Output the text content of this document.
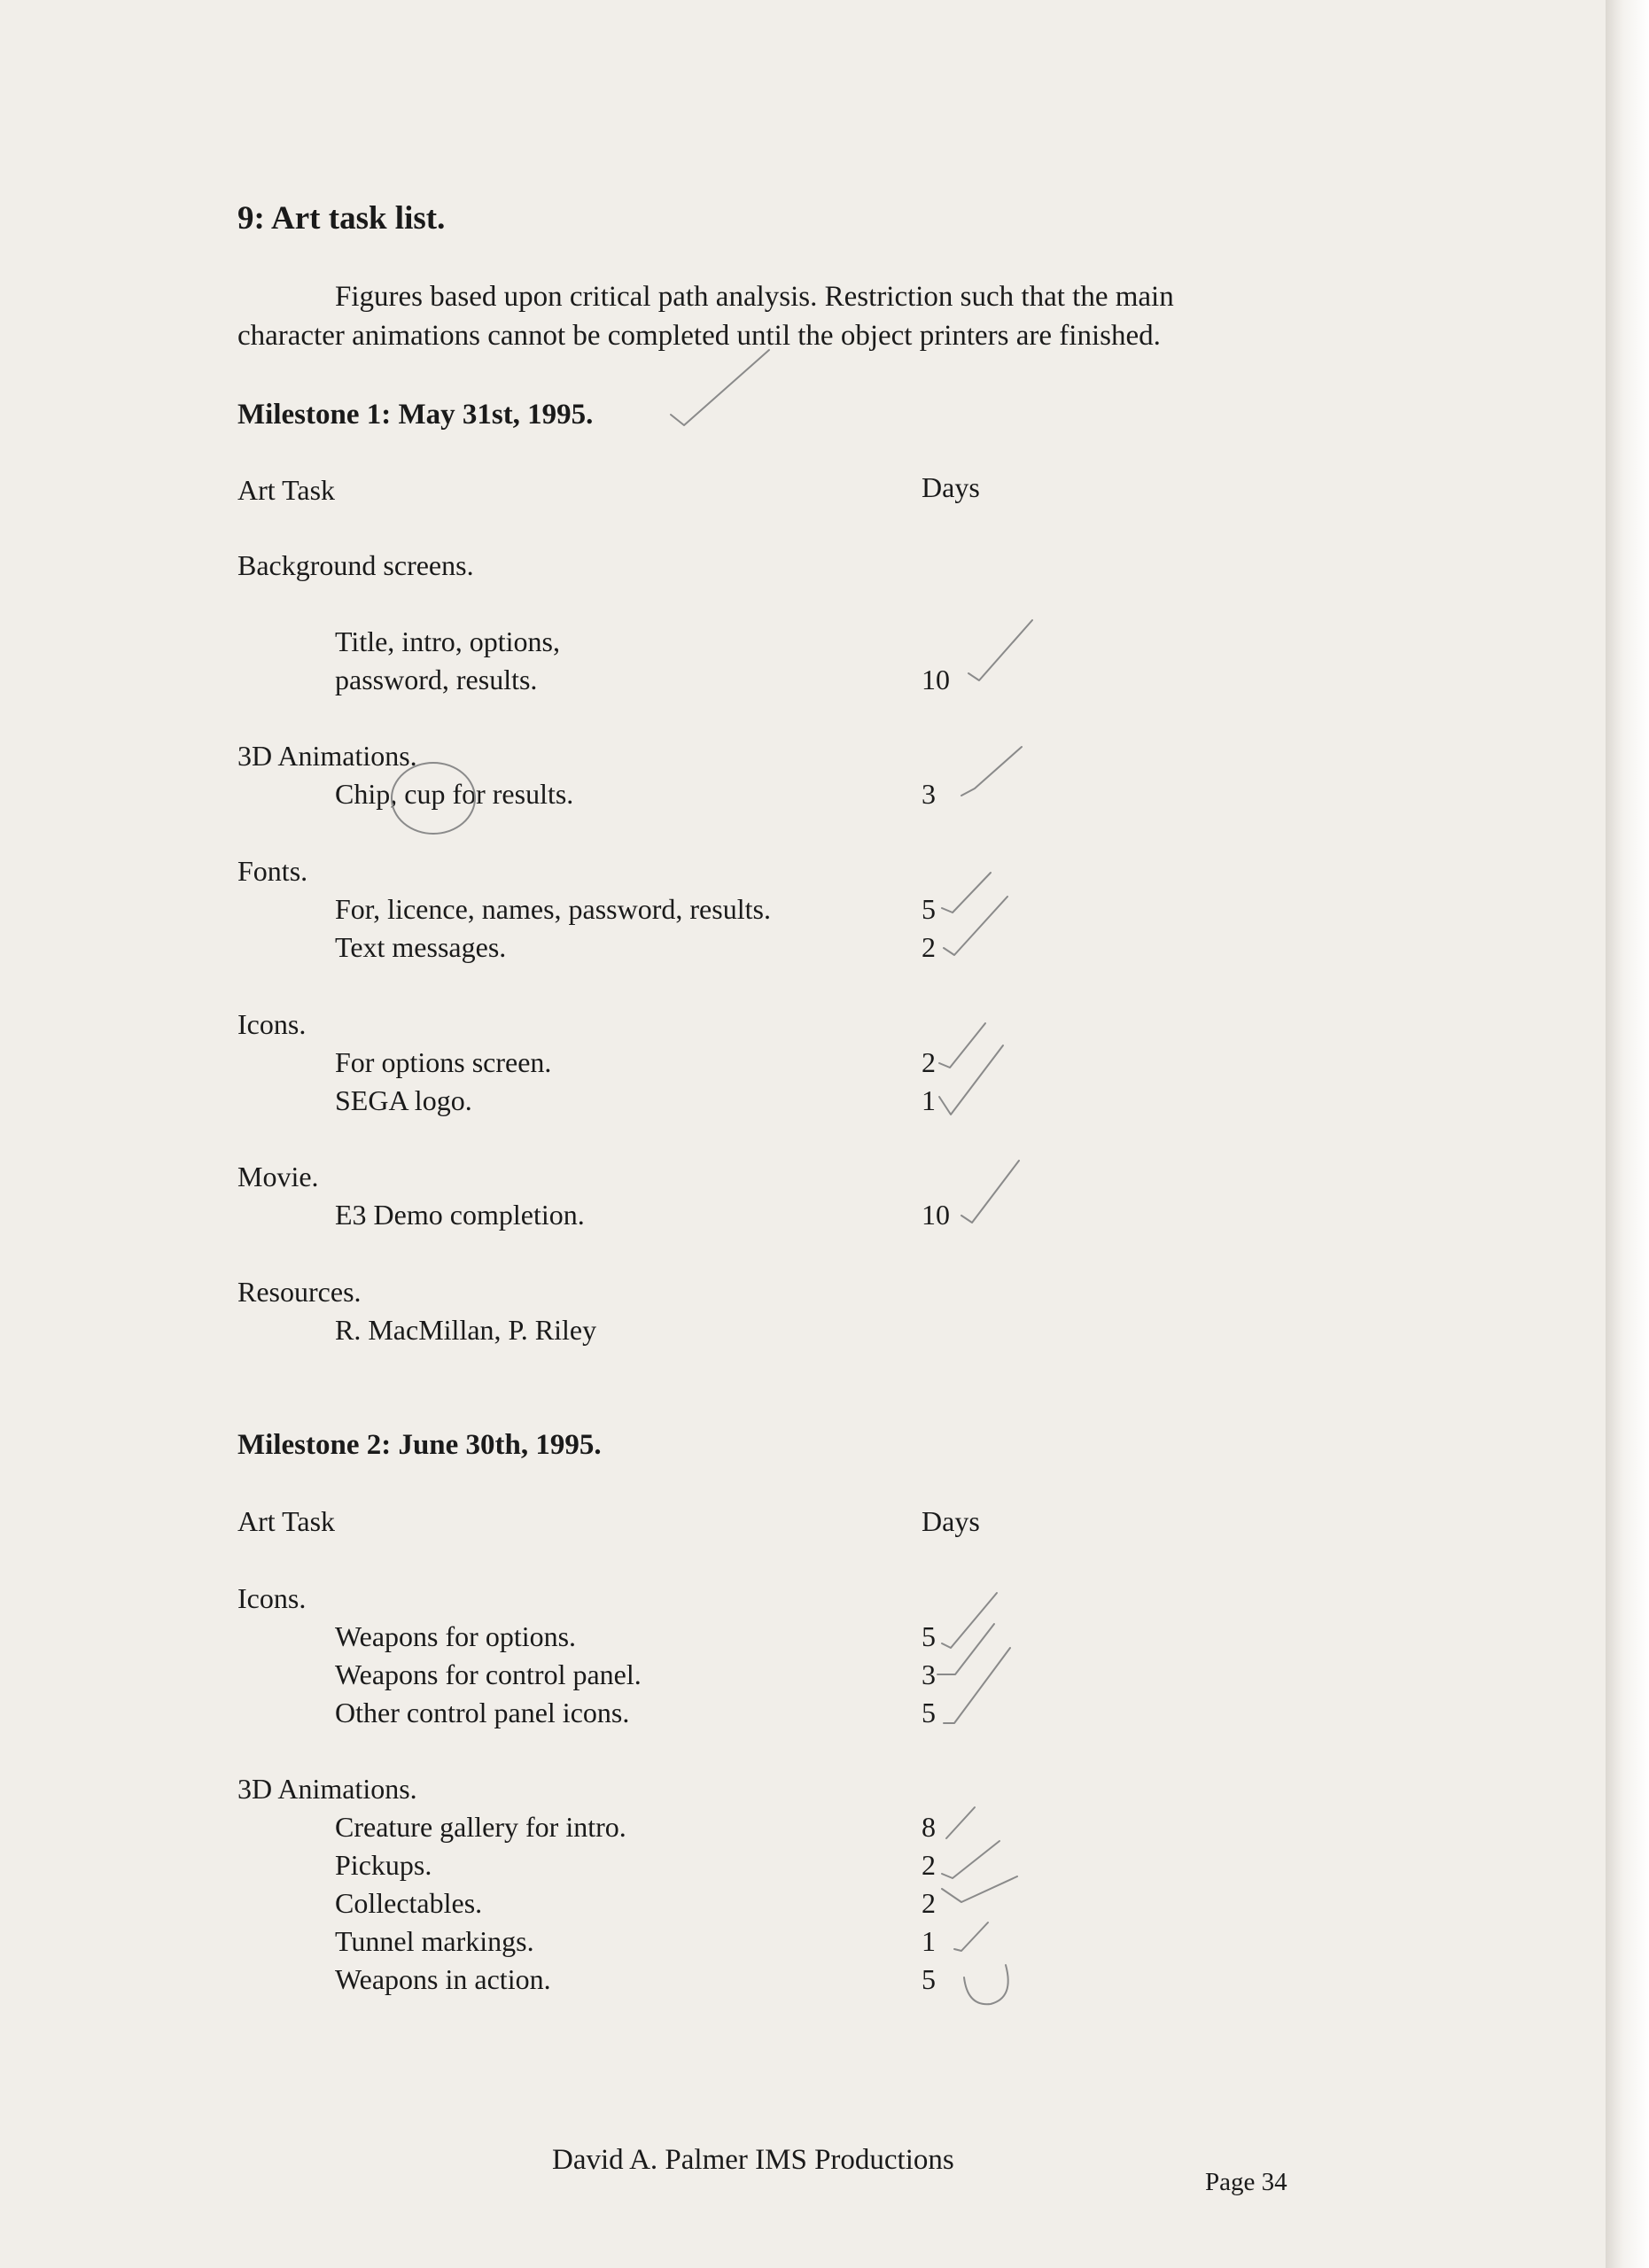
9: Art task list.
Figures based upon critical path analysis. Restriction such that the main
character animations cannot be completed until the object printers are finished.
Milestone 1: May 31st, 1995.
Art Task	Days
Background screens.
Title, intro, options,
password, results.	10
3D Animations.
Chip, cup for results.	3
Fonts.
For, licence, names, password, results.	5
Text messages.	2
Icons.
For options screen.	2
SEGA logo.	1
Movie.
E3 Demo completion.	10
Resources.
R. MacMillan, P. Riley
Milestone 2: June 30th, 1995.
Art Task	Days
Icons.
Weapons for options.	5
Weapons for control panel.	3
Other control panel icons.	5
3D Animations.
Creature gallery for intro.	8
Pickups.	2
Collectables.	2
Tunnel markings.	1
Weapons in action.	5
David A. Palmer IMS Productions
Page 34
